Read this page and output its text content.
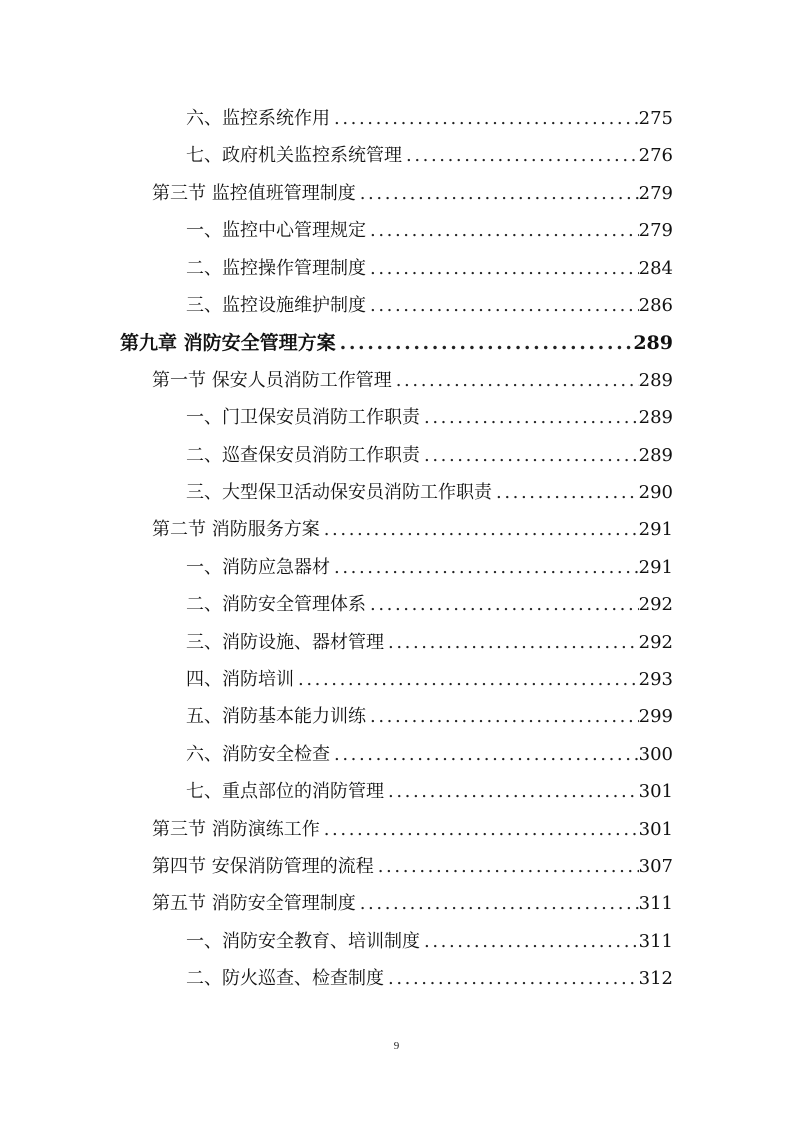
六、监控系统作用 .....	275
七、政府机关监控系统管理 .....	276
第三节 监控值班管理制度 .....	279
一、监控中心管理规定 .....	279
二、监控操作管理制度 .....	284
三、监控设施维护制度 .....	286
第九章 消防安全管理方案 .....	289
第一节 保安人员消防工作管理 .....	289
一、门卫保安员消防工作职责 .....	289
二、巡查保安员消防工作职责 .....	289
三、大型保卫活动保安员消防工作职责 .....	290
第二节 消防服务方案 .....	291
一、消防应急器材 .....	291
二、消防安全管理体系 .....	292
三、消防设施、器材管理 .....	292
四、消防培训 .....	293
五、消防基本能力训练 .....	299
六、消防安全检查 .....	300
七、重点部位的消防管理 .....	301
第三节 消防演练工作 .....	301
第四节 安保消防管理的流程 .....	307
第五节 消防安全管理制度 .....	311
一、消防安全教育、培训制度 .....	311
二、防火巡查、检查制度 .....	312
9
